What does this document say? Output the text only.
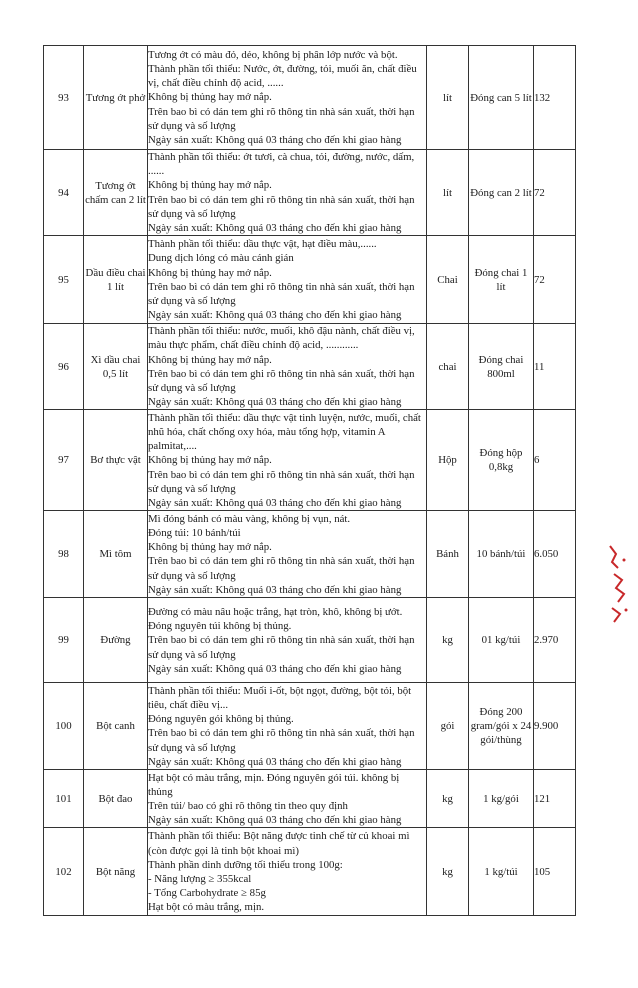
93	Tương ớt phở	Tương ớt có màu đỏ, dẻo, không bị phân lớp nước và bột.
Thành phần tối thiểu: Nước, ớt, đường, tỏi, muối ăn, chất điều vị, chất điều chỉnh độ acid, ......
Không bị thủng hay mở nắp.
Trên bao bì có dán tem ghi rõ thông tin nhà sản xuất, thời hạn sử dụng và số lượng
Ngày sản xuất: Không quá 03 tháng cho đến khi giao hàng	lít	Đóng can 5 lít	132
94	Tương ớt chấm can 2 lít	Thành phần tối thiểu: ớt tươi, cà chua, tỏi, đường, nước, dấm, ......
Không bị thủng hay mở nắp.
Trên bao bì có dán tem ghi rõ thông tin nhà sản xuất, thời hạn sử dụng và số lượng
Ngày sản xuất: Không quá 03 tháng cho đến khi giao hàng	lít	Đóng can 2 lít	72
95	Dầu điều chai 1 lít	Thành phần tối thiểu: dầu thực vật, hạt điều màu,......
Dung dịch lỏng có màu cánh gián
Không bị thủng hay mở nắp.
Trên bao bì có dán tem ghi rõ thông tin nhà sản xuất, thời hạn sử dụng và số lượng
Ngày sản xuất: Không quá 03 tháng cho đến khi giao hàng	Chai	Đóng chai 1 lít	72
96	Xì dầu chai 0,5 lít	Thành phần tối thiểu: nước, muối, khô đậu nành, chất điều vị, màu thực phẩm, chất điều chỉnh độ acid, ............
Không bị thủng hay mở nắp.
Trên bao bì có dán tem ghi rõ thông tin nhà sản xuất, thời hạn sử dụng và số lượng
Ngày sản xuất: Không quá 03 tháng cho đến khi giao hàng	chai	Đóng chai 800ml	11
97	Bơ thực vật	Thành phần tối thiểu: dầu thực vật tinh luyện, nước, muối, chất nhũ hóa, chất chống oxy hóa, màu tổng hợp, vitamin A palmitat,....
Không bị thủng hay mở nắp.
Trên bao bì có dán tem ghi rõ thông tin nhà sản xuất, thời hạn sử dụng và số lượng
Ngày sản xuất: Không quá 03 tháng cho đến khi giao hàng	Hộp	Đóng hộp 0,8kg	6
98	Mì tôm	Mì đóng bánh có màu vàng, không bị vụn, nát.
Đóng túi: 10 bánh/túi
Không bị thủng hay mở nắp.
Trên bao bì có dán tem ghi rõ thông tin nhà sản xuất, thời hạn sử dụng và số lượng
Ngày sản xuất: Không quá 03 tháng cho đến khi giao hàng	Bánh	10 bánh/túi	6.050
99	Đường	Đường có màu nâu hoặc trắng, hạt tròn, khô, không bị ướt.
Đóng nguyên túi không bị thủng.
Trên bao bì có dán tem ghi rõ thông tin nhà sản xuất, thời hạn sử dụng và số lượng
Ngày sản xuất: Không quá 03 tháng cho đến khi giao hàng	kg	01 kg/túi	2.970
100	Bột canh	Thành phần tối thiểu: Muối i-ốt, bột ngọt, đường, bột tỏi, bột tiêu, chất điều vị...
Đóng nguyên gói không bị thủng.
Trên bao bì có dán tem ghi rõ thông tin nhà sản xuất, thời hạn sử dụng và số lượng
Ngày sản xuất: Không quá 03 tháng cho đến khi giao hàng	gói	Đóng 200 gram/gói x 24 gói/thùng	9.900
101	Bột đao	Hạt bột có màu trắng, mịn. Đóng nguyên gói túi. không bị thủng
Trên túi/ bao có ghi rõ thông tin theo quy định
Ngày sản xuất: Không quá 03 tháng cho đến khi giao hàng	kg	1 kg/gói	121
102	Bột năng	Thành phần tối thiểu: Bột năng được tinh chế từ củ khoai mì (còn được gọi là tinh bột khoai mì)
Thành phần dinh dưỡng tối thiểu trong 100g:
- Năng lượng ≥ 355kcal
- Tổng Carbohydrate ≥ 85g
Hạt bột có màu trắng, mịn.	kg	1 kg/túi	105
